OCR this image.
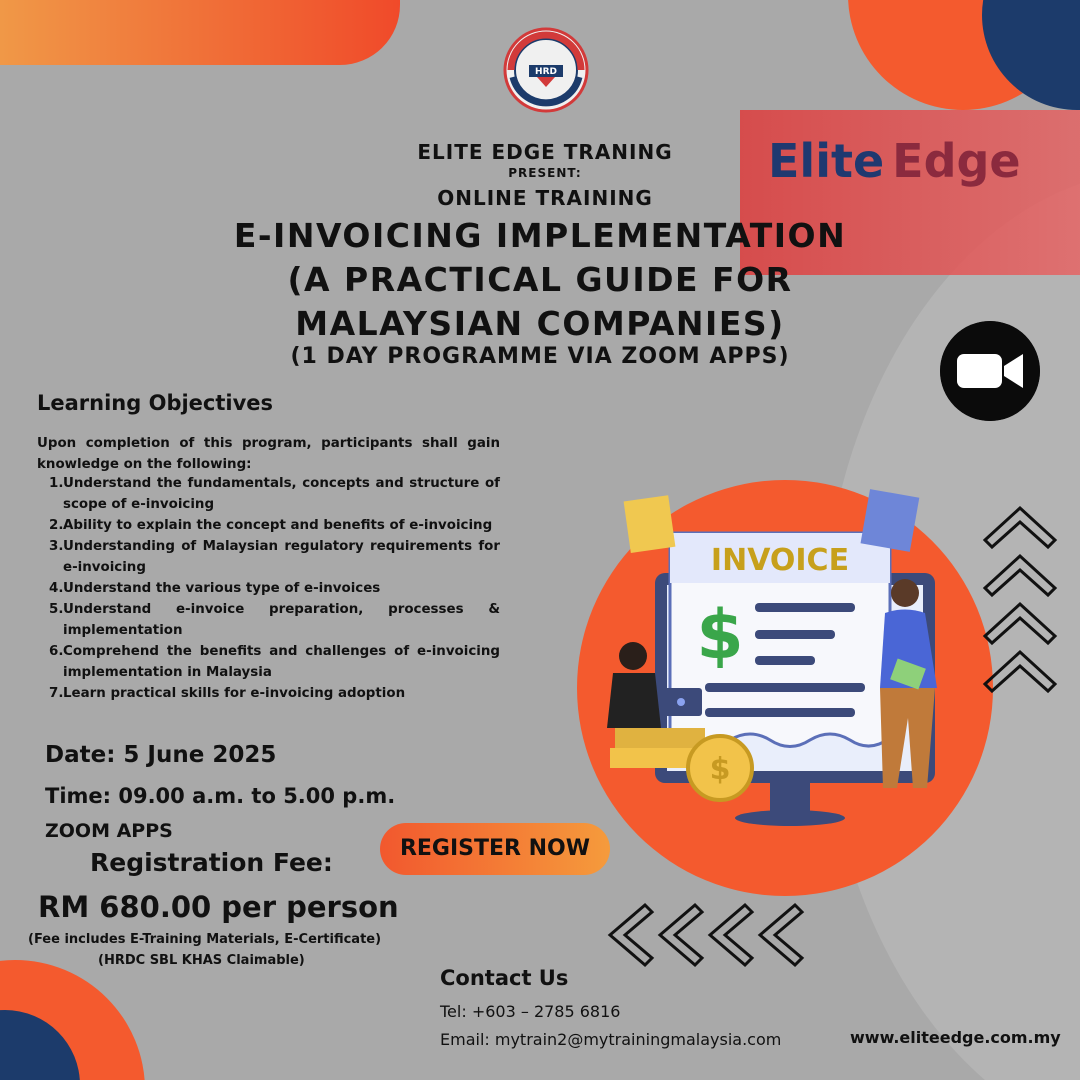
HRD
ELITE EDGE TRANING
PRESENT:
ONLINE TRAINING
E-INVOICING IMPLEMENTATION
(A PRACTICAL GUIDE FOR
MALAYSIAN COMPANIES)
(1 DAY PROGRAMME VIA ZOOM APPS)
Elite Edge
Learning Objectives
Upon completion of this program, participants shall gain knowledge on the following:
1. Understand the fundamentals, concepts and structure of scope of e-invoicing
2. Ability to explain the concept and benefits of e-invoicing
3. Understanding of Malaysian regulatory requirements for e-invoicing
4. Understand the various type of e-invoices
5. Understand e-invoice preparation, processes & implementation
6. Comprehend the benefits and challenges of e-invoicing implementation in Malaysia
7. Learn practical skills for e-invoicing adoption
INVOICE
$
$
Date: 5 June 2025
Time: 09.00 a.m. to 5.00 p.m.
ZOOM APPS
Registration Fee:
RM 680.00 per person
(Fee includes E-Training Materials, E-Certificate)
(HRDC SBL KHAS Claimable)
REGISTER NOW
Contact Us
Tel: +603 – 2785 6816
Email: mytrain2@mytrainingmalaysia.com	www.eliteedge.com.my
